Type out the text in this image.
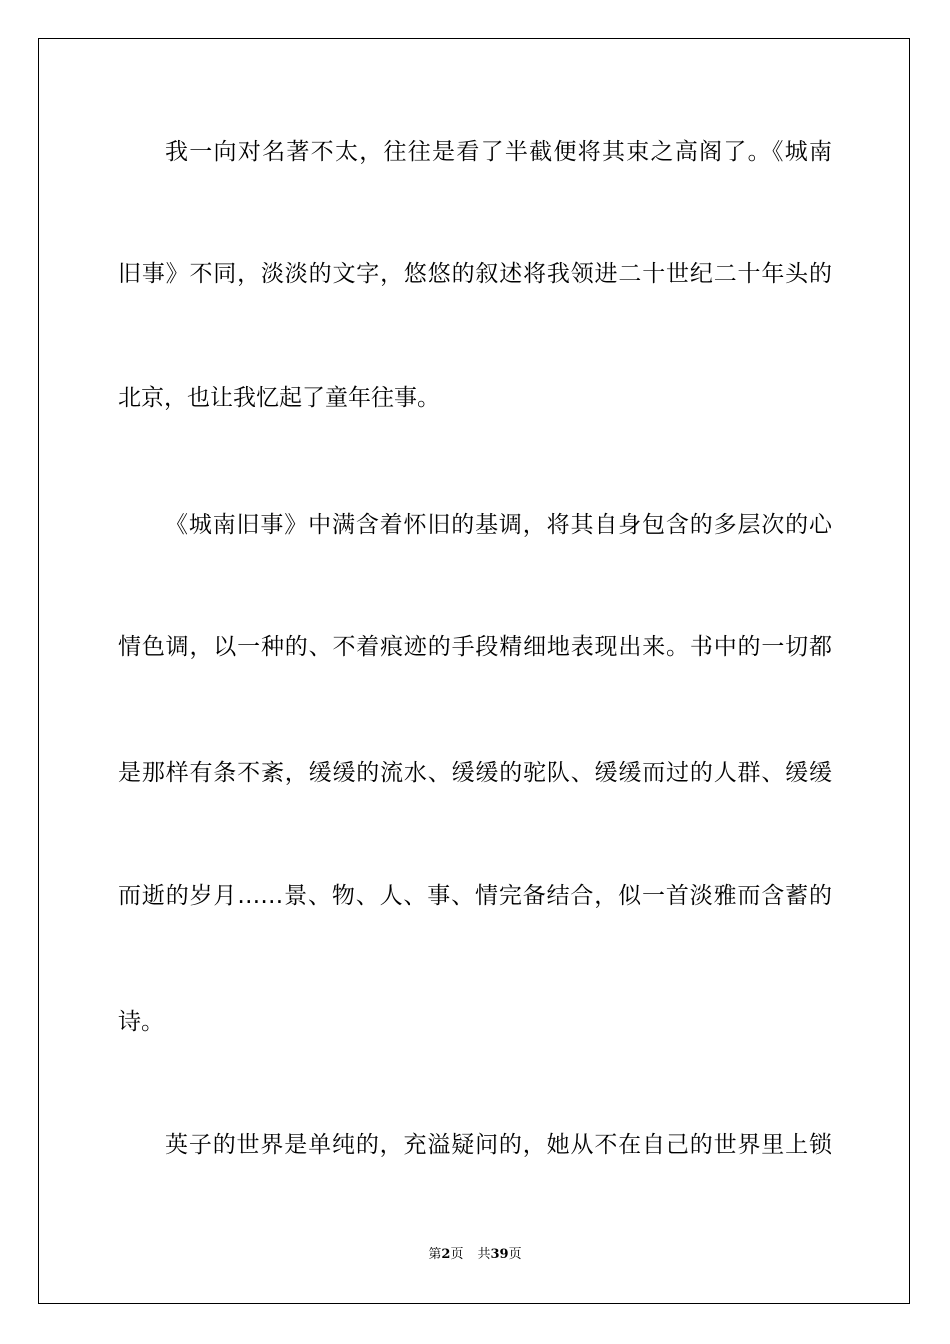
我一向对名著不太，往往是看了半截便将其束之高阁了。《城南
旧事》不同，淡淡的文字，悠悠的叙述将我领进二十世纪二十年头的
北京，也让我忆起了童年往事。
《城南旧事》中满含着怀旧的基调，将其自身包含的多层次的心
情色调，以一种的、不着痕迹的手段精细地表现出来。书中的一切都
是那样有条不紊，缓缓的流水、缓缓的驼队、缓缓而过的人群、缓缓
而逝的岁月……景、物、人、事、情完备结合，似一首淡雅而含蓄的
诗。
英子的世界是单纯的，充溢疑问的，她从不在自己的世界里上锁
第2页 共39页
